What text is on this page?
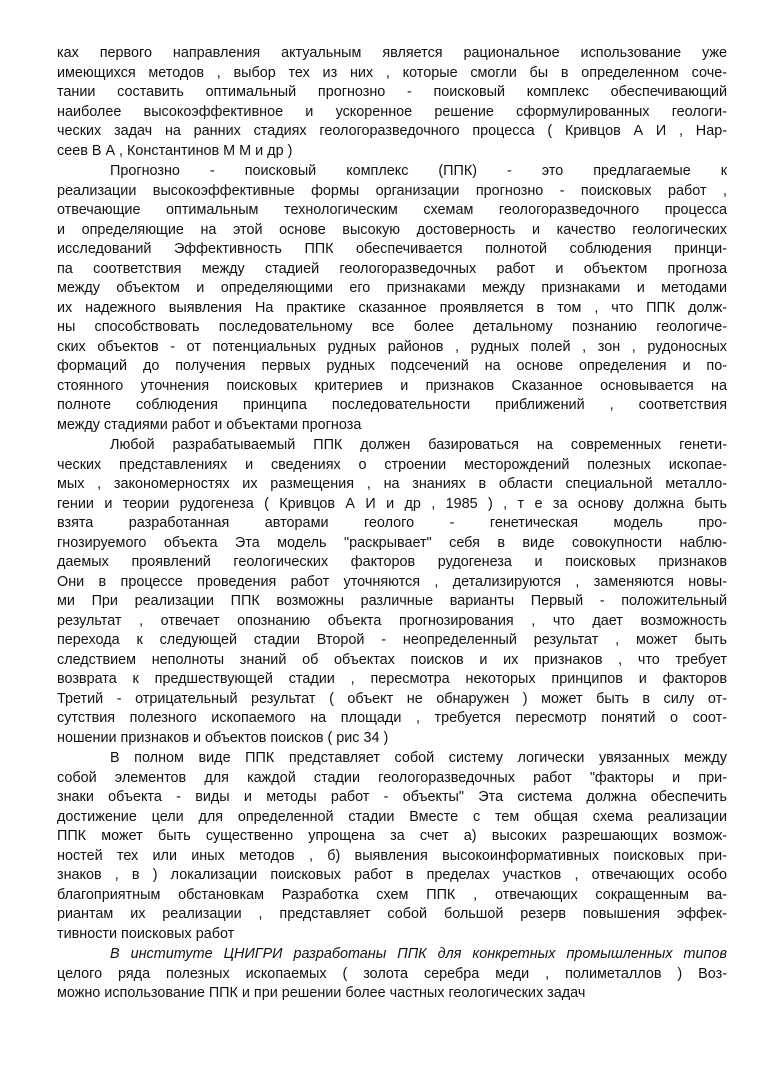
ках первого направления актуальным является рациональное использование уже
имеющихся методов , выбор тех из них , которые смогли бы в определенном соче-
тании составить оптимальный прогнозно - поисковый комплекс обеспечивающий
наиболее высокоэффективное и ускоренное решение сформулированных геологи-
ческих задач на ранних стадиях геологоразведочного процесса ( Кривцов А И , Нар-
сеев В А , Константинов М М и др )
Прогнозно - поисковый комплекс (ППК) - это предлагаемые к
реализации высокоэффективные формы организации прогнозно - поисковых работ ,
отвечающие оптимальным технологическим схемам геологоразведочного процесса
и определяющие на этой основе высокую достоверность и качество геологических
исследований Эффективность ППК обеспечивается полнотой соблюдения принци-
па соответствия между стадией геологоразведочных работ и объектом прогноза
между объектом и определяющими его признаками между признаками и методами
их надежного выявления На практике сказанное проявляется в том , что ППК долж-
ны способствовать последовательному все более детальному познанию геологиче-
ских объектов - от потенциальных рудных районов , рудных полей , зон , рудоносных
формаций до получения первых рудных подсечений на основе определения и по-
стоянного уточнения поисковых критериев и признаков Сказанное основывается на
полноте соблюдения принципа последовательности приближений , соответствия
между стадиями работ и объектами прогноза
Любой разрабатываемый ППК должен базироваться на современных генети-
ческих представлениях и сведениях о строении месторождений полезных ископае-
мых , закономерностях их размещения , на знаниях в области специальной металло-
гении и теории рудогенеза ( Кривцов А И и др , 1985 ) , т е за основу должна быть
взята разработанная авторами геолого - генетическая модель про-
гнозируемого объекта Эта модель "раскрывает" себя в виде совокупности наблю-
даемых проявлений геологических факторов рудогенеза и поисковых признаков
Они в процессе проведения работ уточняются , детализируются , заменяются новы-
ми При реализации ППК возможны различные варианты Первый - положительный
результат , отвечает опознанию объекта прогнозирования , что дает возможность
перехода к следующей стадии Второй - неопределенный результат , может быть
следствием неполноты знаний об объектах поисков и их признаков , что требует
возврата к предшествующей стадии , пересмотра некоторых принципов и факторов
Третий - отрицательный результат ( объект не обнаружен ) может быть в силу от-
сутствия полезного ископаемого на площади , требуется пересмотр понятий о соот-
ношении признаков и объектов поисков ( рис 34 )
В полном виде ППК представляет собой систему логически увязанных между
собой элементов для каждой стадии геологоразведочных работ "факторы и при-
знаки объекта - виды и методы работ - объекты" Эта система должна обеспечить
достижение цели для определенной стадии Вместе с тем общая схема реализации
ППК может быть существенно упрощена за счет а) высоких разрешающих возмож-
ностей тех или иных методов , б) выявления высокоинформативных поисковых при-
знаков , в ) локализации поисковых работ в пределах участков , отвечающих особо
благоприятным обстановкам Разработка схем ППК , отвечающих сокращенным ва-
риантам их реализации , представляет собой большой резерв повышения эффек-
тивности поисковых работ
В институте ЦНИГРИ разработаны ППК для конкретных промышленных типов
целого ряда полезных ископаемых ( золота серебра меди , полиметаллов ) Воз-
можно использование ППК и при решении более частных геологических задач
